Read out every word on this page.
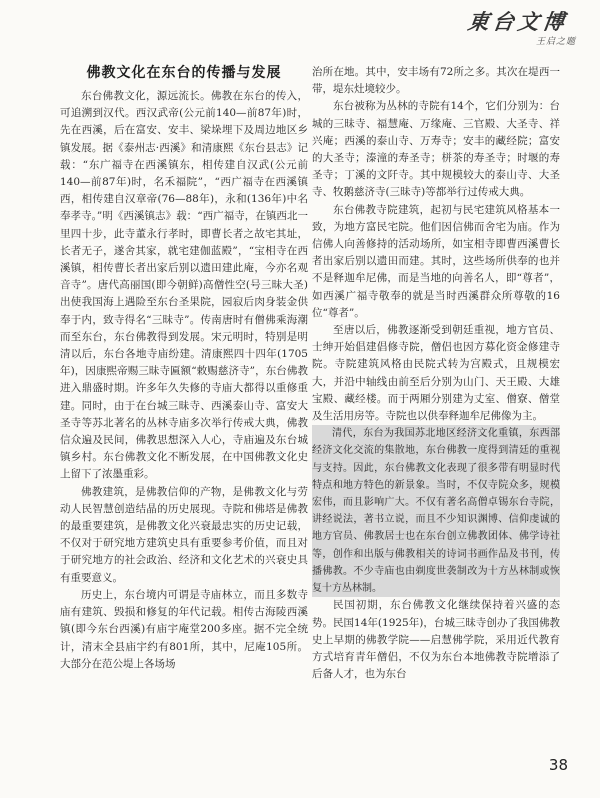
東台文博
王启之题
佛教文化在东台的传播与发展

东台佛教文化，源远流长。佛教在东台的传入，可追溯到汉代。西汉武帝(公元前140—前87年)时，先在西溪，后在富安、安丰、梁垛埋下及周边地区乡镇发展。据《泰州志·西溪》和清康熙《东台县志》记载：“东广福寺在西溪镇东，相传建自汉武(公元前140—前87年)时，名禾福院”，“西广福寺在西溪镇西，相传建自汉章帝(76—88年)，永和(136年)中名奉孝寺。”明《西溪镇志》载：“西广福寺，在镇西北一里四十步，此寺董永行孝时，即曹长者之故宅其址，长者无子，遂舍其家，就宅建伽蓝殿”，“宝相寺在西溪镇，相传曹长者出家后别以遗田建此庵，今亦名观音寺”。唐代高丽国(即今朝鲜)高僧性空(号三昧大圣)出使我国海上遇险至东台圣果院，园寂后肉身装金供奉于内，致寺得名“三昧寺”。传南唐时有僧佛乘海潮而至东台，东台佛教得到发展。宋元明时，特别是明清以后，东台各地寺庙纷建。清康熙四十四年(1705年)，因康熙帝赐三昧寺匾额“敕赐慈济寺”，东台佛教进入鼎盛时期。许多年久失修的寺庙大都得以重修重建。同时，由于在台城三昧寺、西溪泰山寺、富安大圣寺等苏北著名的丛林寺庙多次举行传戒大典，佛教信众遍及民间，佛教思想深入人心，寺庙遍及东台城镇乡村。东台佛教文化不断发展，在中国佛教文化史上留下了浓墨重彩。

佛教建筑，是佛教信仰的产物，是佛教文化与劳动人民智慧创造结晶的历史展现。寺院和佛塔是佛教的最重要建筑，是佛教文化兴衰最忠实的历史记载，不仅对于研究地方建筑史具有重要参考价值，而且对于研究地方的社会政治、经济和文化艺术的兴衰史具有重要意义。

历史上，东台境内可谓是寺庙林立，而且多数寺庙有建筑、毁损和修复的年代记载。相传古海陵西溪镇(即今东台西溪)有庙宇庵堂200多座。据不完全统计，清末全县庙宇约有801所，其中，尼庵105所。大部分在范公堤上各场场

治所在地。其中，安丰场有72所之多。其次在堤西一带，堤东灶境较少。

东台被称为丛林的寺院有14个，它们分别为：台城的三昧寺、福慧庵、万缘庵、三官殿、大圣寺、祥兴庵；西溪的泰山寺、万寿寺；安丰的藏经院；富安的大圣寺；溱潼的寿圣寺；栟茶的寿圣寺；时堰的寿圣寺；丁溪的文阡寺。其中规模较大的泰山寺、大圣寺、牧鹅慈济寺(三昧寺)等都举行过传戒大典。

东台佛教寺院建筑，起初与民宅建筑风格基本一致，为地方富民宅院。他们因信佛而舍宅为庙。作为信佛人向善修持的活动场所，如宝相寺即曹西溪曹长者出家后别以遗田而建。其时，这些场所供奉的也并不是释迦牟尼佛，而是当地的向善名人，即“尊者”，如西溪广福寺敬奉的就是当时西溪群众所尊敬的16位“尊者”。

至唐以后，佛教逐渐受到朝廷重视，地方官员、士绅开始倡建倡修寺院，僧侣也因方募化资金修建寺院。寺院建筑风格由民院式转为宫殿式，且规模宏大，并沿中轴线由前至后分别为山门、天王殿、大雄宝殿、藏经楼。而于两厢分别建为丈室、僧寮、僧堂及生活用房等。寺院也以供奉释迦牟尼佛像为主。

清代，东台为我国苏北地区经济文化重镇，东西部经济文化交流的集散地，东台佛教一度得到清廷的重视与支持。因此，东台佛教文化表现了很多带有明显时代特点和地方特色的新景象。当时，不仅寺院众多，规模宏伟，而且影响广大。不仅有著名高僧卓锡东台寺院，讲经说法，著书立说，而且不少知识渊博、信仰虔诚的地方官员、佛教居士也在东台创立佛教团体、佛学诗社等，创作和出版与佛教相关的诗词书画作品及书刊，传播佛教。不少寺庙也由剃度世袭制改为十方丛林制或恢复十方丛林制。

民国初期，东台佛教文化继续保持着兴盛的态势。民国14年(1925年)，台城三昧寺创办了我国佛教史上早期的佛教学院——启慧佛学院，采用近代教育方式培育青年僧侣，不仅为东台本地佛教寺院增添了后备人才，也为东台

38
